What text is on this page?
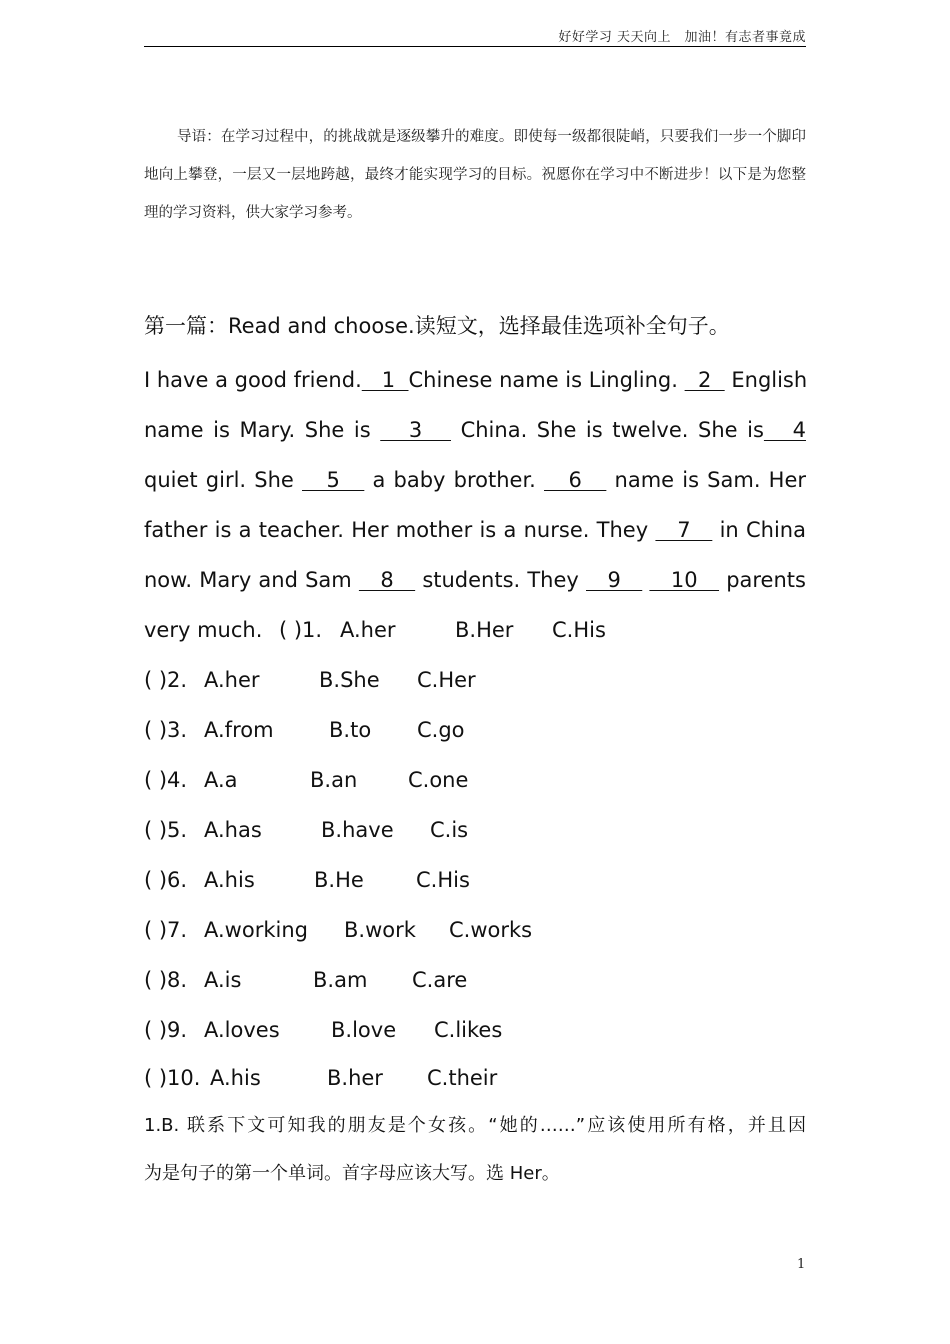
好好学习 天天向上　加油！有志者事竟成
导语：在学习过程中，的挑战就是逐级攀升的难度。即使每一级都很陡峭，只要我们一步一个脚印地向上攀登，一层又一层地跨越，最终才能实现学习的目标。祝愿你在学习中不断进步！以下是为您整理的学习资料，供大家学习参考。
第一篇：Read and choose.读短文，选择最佳选项补全句子。
I have a good friend.   1  Chinese name is Lingling.   2   English
name is Mary. She is    3    China. She is twelve. She is   4
quiet girl. She    5    a baby brother.    6    name is Sam. Her
father is a teacher. Her mother is a nurse. They    7    in China
now. Mary and Sam    8    students. They    9       10    parents
very much. ( )1. A.her	B.Her C.His
( )2. A.her	B.She C.Her
( )3. A.from	B.to C.go
( )4. A.a	B.an C.one
( )5. A.has	B.have C.is
( )6. A.his	B.He C.His
( )7. A.working B.work C.works
( )8. A.is	B.am C.are
( )9. A.loves B.love C.likes
( )10. A.his	B.her C.their
1.B. 联系下文可知我的朋友是个女孩。“她的……”应该使用所有格，并且因
为是句子的第一个单词。首字母应该大写。选 Her。
1
